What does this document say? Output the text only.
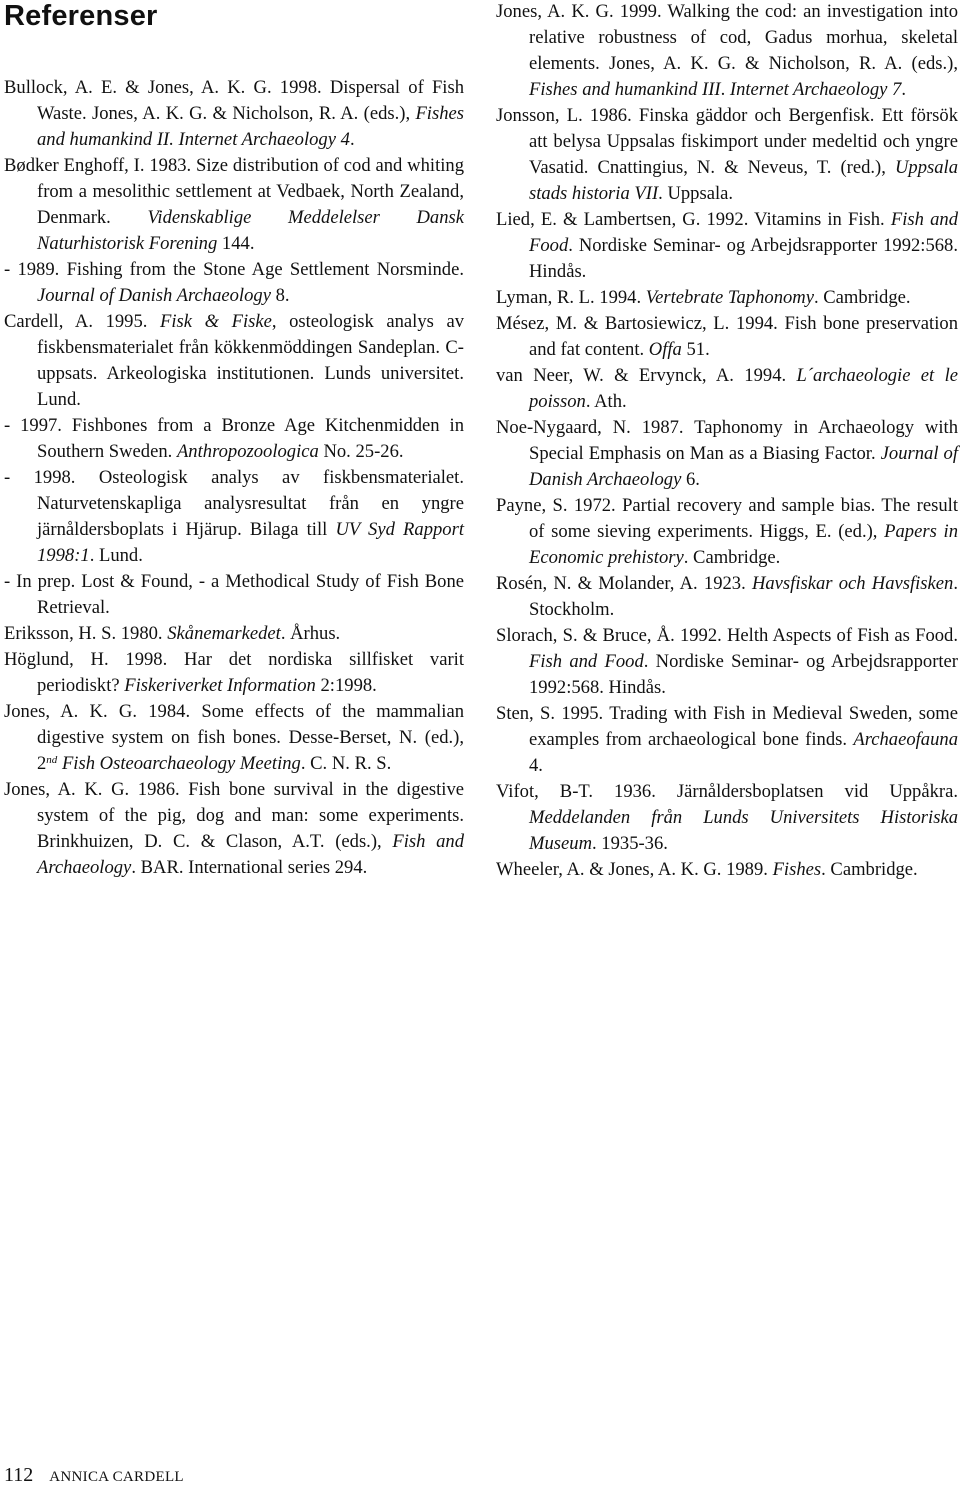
Referenser

Bullock, A. E. & Jones, A. K. G. 1998. Dispersal of Fish Waste. Jones, A. K. G. & Nicholson, R. A. (eds.), Fishes and humankind II. Internet Archaeology 4.

Bødker Enghoff, I. 1983. Size distribution of cod and whiting from a mesolithic settlement at Vedbaek, North Zealand, Denmark. Videnskablige Meddelelser Dansk Naturhistorisk Forening 144.

- 1989. Fishing from the Stone Age Settlement Norsminde. Journal of Danish Archaeology 8.

Cardell, A. 1995. Fisk & Fiske, osteologisk analys av fiskbensmaterialet från kökkenmöddingen Sandeplan. C-uppsats. Arkeologiska institutionen. Lunds universitet. Lund.

- 1997. Fishbones from a Bronze Age Kitchenmidden in Southern Sweden. Anthropozoologica No. 25-26.

- 1998. Osteologisk analys av fiskbensmaterialet. Naturvetenskapliga analysresultat från en yngre järnåldersboplats i Hjärup. Bilaga till UV Syd Rapport 1998:1. Lund.

- In prep. Lost & Found, - a Methodical Study of Fish Bone Retrieval.

Eriksson, H. S. 1980. Skånemarkedet. Århus.

Höglund, H. 1998. Har det nordiska sillfisket varit periodiskt? Fiskeriverket Information 2:1998.

Jones, A. K. G. 1984. Some effects of the mammalian digestive system on fish bones. Desse-Berset, N. (ed.), 2nd Fish Osteoarchaeology Meeting. C. N. R. S.

Jones, A. K. G. 1986. Fish bone survival in the digestive system of the pig, dog and man: some experiments. Brinkhuizen, D. C. & Clason, A.T. (eds.), Fish and Archaeology. BAR. International series 294.

Jones, A. K. G. 1999. Walking the cod: an investigation into relative robustness of cod, Gadus morhua, skeletal elements. Jones, A. K. G. & Nicholson, R. A. (eds.), Fishes and humankind III. Internet Archaeology 7.

Jonsson, L. 1986. Finska gäddor och Bergenfisk. Ett försök att belysa Uppsalas fiskimport under medeltid och yngre Vasatid. Cnattingius, N. & Neveus, T. (red.), Uppsala stads historia VII. Uppsala.

Lied, E. & Lambertsen, G. 1992. Vitamins in Fish. Fish and Food. Nordiske Seminar- og Arbejdsrapporter 1992:568. Hindås.

Lyman, R. L. 1994. Vertebrate Taphonomy. Cambridge.

Mésez, M. & Bartosiewicz, L. 1994. Fish bone preservation and fat content. Offa 51.

van Neer, W. & Ervynck, A. 1994. L´archaeologie et le poisson. Ath.

Noe-Nygaard, N. 1987. Taphonomy in Archaeology with Special Emphasis on Man as a Biasing Factor. Journal of Danish Archaeology 6.

Payne, S. 1972. Partial recovery and sample bias. The result of some sieving experiments. Higgs, E. (ed.), Papers in Economic prehistory. Cambridge.

Rosén, N. & Molander, A. 1923. Havsfiskar och Havsfisken. Stockholm.

Slorach, S. & Bruce, Å. 1992. Helth Aspects of Fish as Food. Fish and Food. Nordiske Seminar- og Arbejdsrapporter 1992:568. Hindås.

Sten, S. 1995. Trading with Fish in Medieval Sweden, some examples from archaeological bone finds. Archaeofauna 4.

Vifot, B-T. 1936. Järnåldersboplatsen vid Uppåkra. Meddelanden från Lunds Universitets Historiska Museum. 1935-36.

Wheeler, A. & Jones, A. K. G. 1989. Fishes. Cambridge.

112 ANNICA CARDELL
